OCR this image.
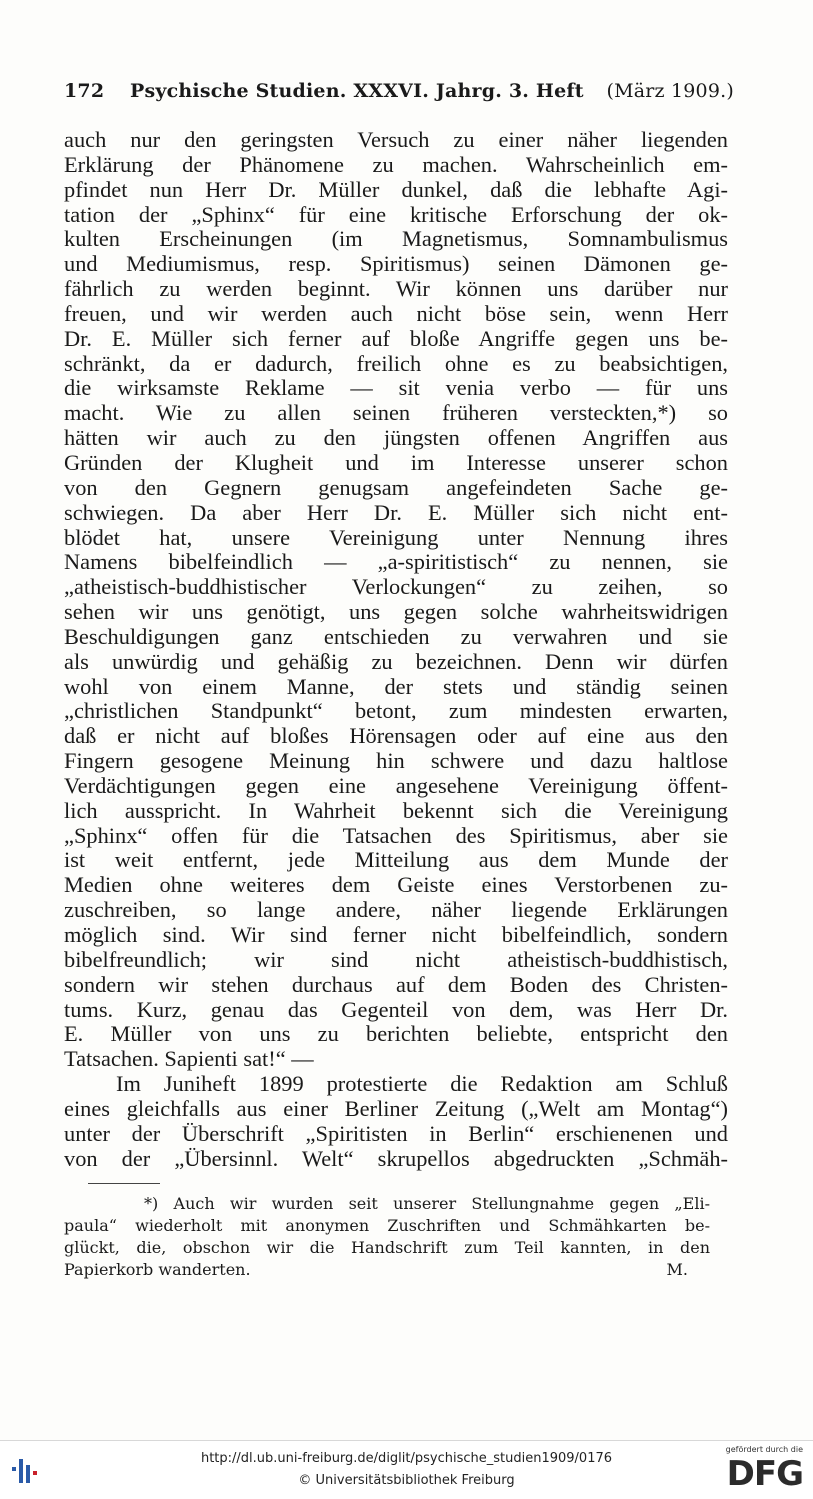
172 Psychische Studien. XXXVI. Jahrg. 3. Heft (März 1909.)
auch nur den geringsten Versuch zu einer näher liegenden
Erklärung der Phänomene zu machen. Wahrscheinlich em-
pfindet nun Herr Dr. Müller dunkel, daß die lebhafte Agi-
tation der „Sphinx“ für eine kritische Erforschung der ok-
kulten Erscheinungen (im Magnetismus, Somnambulismus
und Mediumismus, resp. Spiritismus) seinen Dämonen ge-
fährlich zu werden beginnt. Wir können uns darüber nur
freuen, und wir werden auch nicht böse sein, wenn Herr
Dr. E. Müller sich ferner auf bloße Angriffe gegen uns be-
schränkt, da er dadurch, freilich ohne es zu beabsichtigen,
die wirksamste Reklame — sit venia verbo — für uns
macht. Wie zu allen seinen früheren versteckten,*) so
hätten wir auch zu den jüngsten offenen Angriffen aus
Gründen der Klugheit und im Interesse unserer schon
von den Gegnern genugsam angefeindeten Sache ge-
schwiegen. Da aber Herr Dr. E. Müller sich nicht ent-
blödet hat, unsere Vereinigung unter Nennung ihres
Namens bibelfeindlich — „a-spiritistisch“ zu nennen, sie
„atheistisch-buddhistischer Verlockungen“ zu zeihen, so
sehen wir uns genötigt, uns gegen solche wahrheitswidrigen
Beschuldigungen ganz entschieden zu verwahren und sie
als unwürdig und gehäßig zu bezeichnen. Denn wir dürfen
wohl von einem Manne, der stets und ständig seinen
„christlichen Standpunkt“ betont, zum mindesten erwarten,
daß er nicht auf bloßes Hörensagen oder auf eine aus den
Fingern gesogene Meinung hin schwere und dazu haltlose
Verdächtigungen gegen eine angesehene Vereinigung öffent-
lich ausspricht. In Wahrheit bekennt sich die Vereinigung
„Sphinx“ offen für die Tatsachen des Spiritismus, aber sie
ist weit entfernt, jede Mitteilung aus dem Munde der
Medien ohne weiteres dem Geiste eines Verstorbenen zu-
zuschreiben, so lange andere, näher liegende Erklärungen
möglich sind. Wir sind ferner nicht bibelfeindlich, sondern
bibelfreundlich; wir sind nicht atheistisch-buddhistisch,
sondern wir stehen durchaus auf dem Boden des Christen-
tums. Kurz, genau das Gegenteil von dem, was Herr Dr.
E. Müller von uns zu berichten beliebte, entspricht den
Tatsachen. Sapienti sat!“ —
Im Juniheft 1899 protestierte die Redaktion am Schluß
eines gleichfalls aus einer Berliner Zeitung („Welt am Montag“)
unter der Überschrift „Spiritisten in Berlin“ erschienenen und
von der „Übersinnl. Welt“ skrupellos abgedruckten „Schmäh-
*) Auch wir wurden seit unserer Stellungnahme gegen „Eli-
paula“ wiederholt mit anonymen Zuschriften und Schmähkarten be-
glückt, die, obschon wir die Handschrift zum Teil kannten, in den
Papierkorb wanderten.	M.
http://dl.ub.uni-freiburg.de/diglit/psychische_studien1909/0176
© Universitätsbibliothek Freiburg
gefördert durch die
DFG
